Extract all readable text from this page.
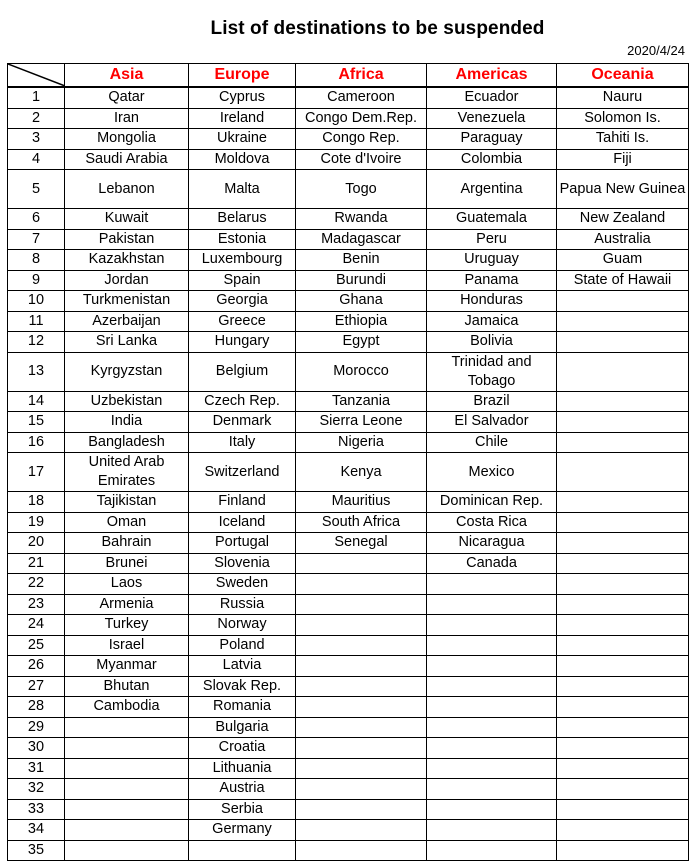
List of destinations to be suspended
2020/4/24
	Asia	Europe	Africa	Americas	Oceania
1	Qatar	Cyprus	Cameroon	Ecuador	Nauru
2	Iran	Ireland	Congo Dem.Rep.	Venezuela	Solomon Is.
3	Mongolia	Ukraine	Congo Rep.	Paraguay	Tahiti Is.
4	Saudi Arabia	Moldova	Cote d'Ivoire	Colombia	Fiji
5	Lebanon	Malta	Togo	Argentina	Papua New Guinea
6	Kuwait	Belarus	Rwanda	Guatemala	New Zealand
7	Pakistan	Estonia	Madagascar	Peru	Australia
8	Kazakhstan	Luxembourg	Benin	Uruguay	Guam
9	Jordan	Spain	Burundi	Panama	State of Hawaii
10	Turkmenistan	Georgia	Ghana	Honduras	
11	Azerbaijan	Greece	Ethiopia	Jamaica	
12	Sri Lanka	Hungary	Egypt	Bolivia	
13	Kyrgyzstan	Belgium	Morocco	Trinidad and Tobago	
14	Uzbekistan	Czech Rep.	Tanzania	Brazil	
15	India	Denmark	Sierra Leone	El Salvador	
16	Bangladesh	Italy	Nigeria	Chile	
17	United Arab Emirates	Switzerland	Kenya	Mexico	
18	Tajikistan	Finland	Mauritius	Dominican Rep.	
19	Oman	Iceland	South Africa	Costa Rica	
20	Bahrain	Portugal	Senegal	Nicaragua	
21	Brunei	Slovenia		Canada	
22	Laos	Sweden			
23	Armenia	Russia			
24	Turkey	Norway			
25	Israel	Poland			
26	Myanmar	Latvia			
27	Bhutan	Slovak Rep.			
28	Cambodia	Romania			
29		Bulgaria			
30		Croatia			
31		Lithuania			
32		Austria			
33		Serbia			
34		Germany			
35					
